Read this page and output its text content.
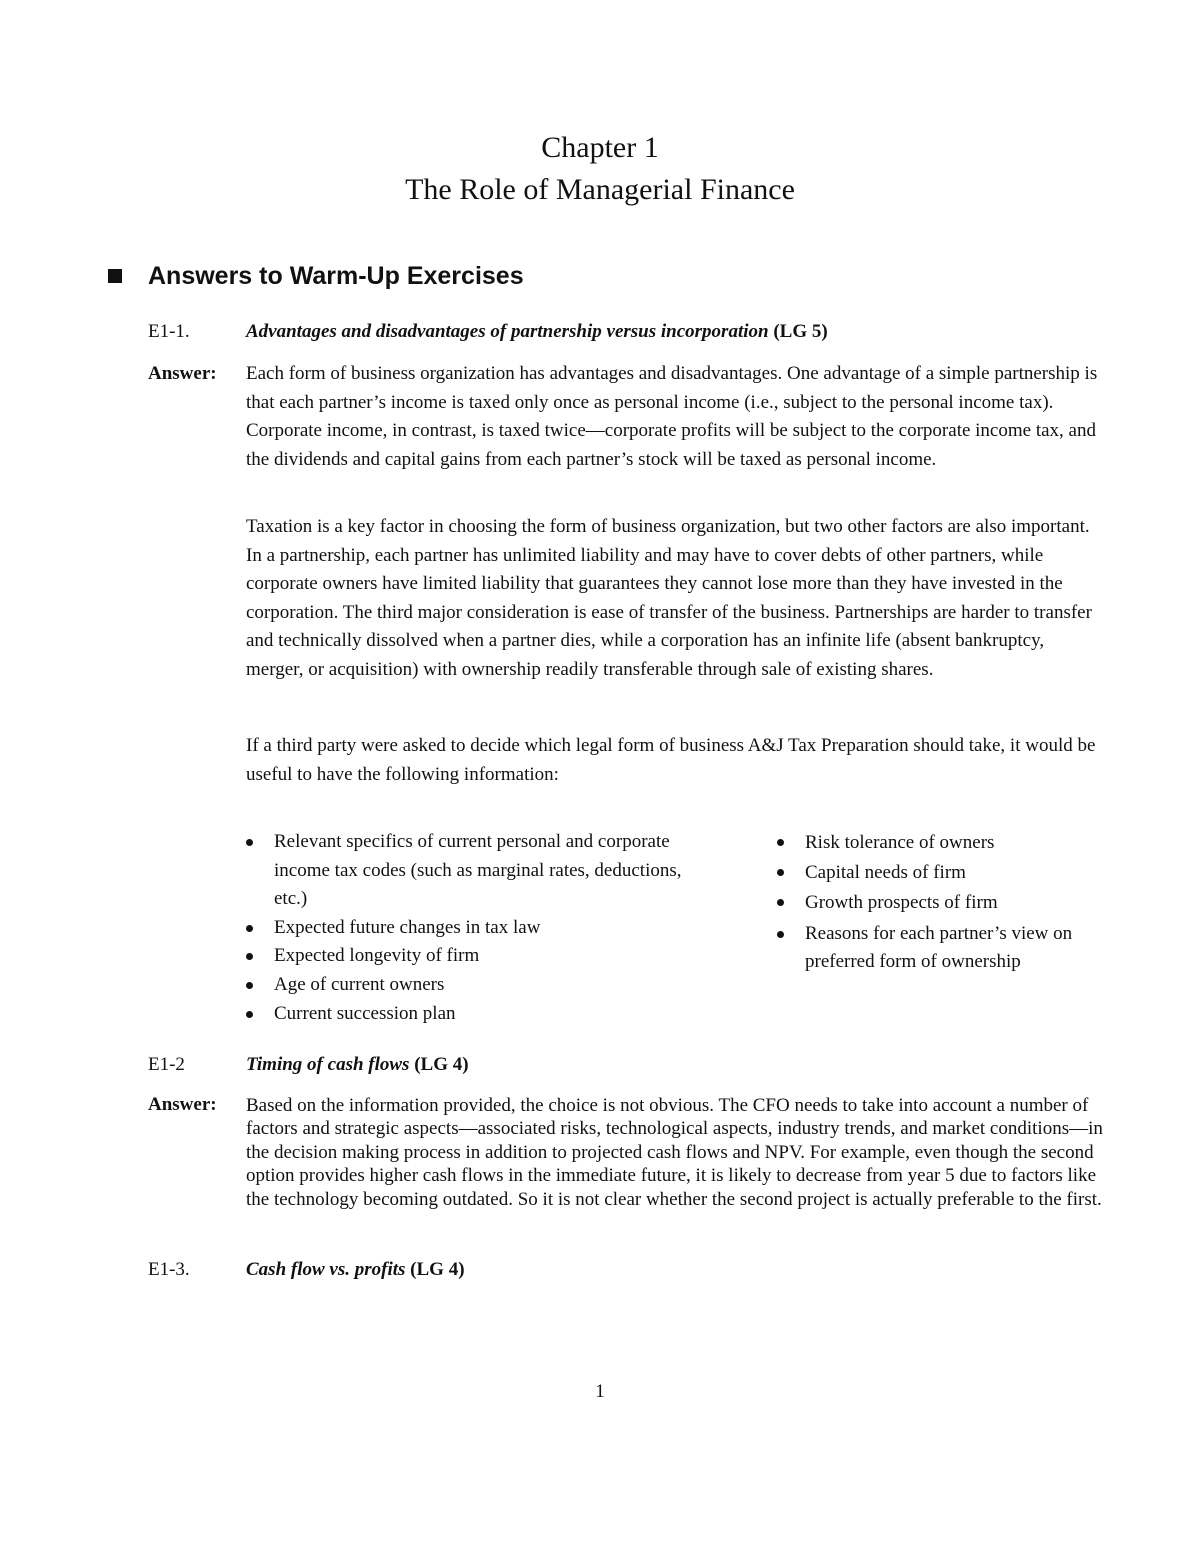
Chapter 1
The Role of Managerial Finance
Answers to Warm-Up Exercises
E1-1.	Advantages and disadvantages of partnership versus incorporation (LG 5)
Answer: Each form of business organization has advantages and disadvantages. One advantage of a simple partnership is that each partner’s income is taxed only once as personal income (i.e., subject to the personal income tax). Corporate income, in contrast, is taxed twice—corporate profits will be subject to the corporate income tax, and the dividends and capital gains from each partner’s stock will be taxed as personal income.

Taxation is a key factor in choosing the form of business organization, but two other factors are also important. In a partnership, each partner has unlimited liability and may have to cover debts of other partners, while corporate owners have limited liability that guarantees they cannot lose more than they have invested in the corporation. The third major consideration is ease of transfer of the business. Partnerships are harder to transfer and technically dissolved when a partner dies, while a corporation has an infinite life (absent bankruptcy, merger, or acquisition) with ownership readily transferable through sale of existing shares.

If a third party were asked to decide which legal form of business A&J Tax Preparation should take, it would be useful to have the following information:

Relevant specifics of current personal and corporate income tax codes (such as marginal rates, deductions, etc.)
Expected future changes in tax law
Expected longevity of firm
Age of current owners
Current succession plan
Risk tolerance of owners
Capital needs of firm
Growth prospects of firm
Reasons for each partner’s view on preferred form of ownership
E1-2	Timing of cash flows (LG 4)
Answer: Based on the information provided, the choice is not obvious. The CFO needs to take into account a number of factors and strategic aspects—associated risks, technological aspects, industry trends, and market conditions—in the decision making process in addition to projected cash flows and NPV. For example, even though the second option provides higher cash flows in the immediate future, it is likely to decrease from year 5 due to factors like the technology becoming outdated. So it is not clear whether the second project is actually preferable to the first.

E1-3.	Cash flow vs. profits (LG 4)
1
